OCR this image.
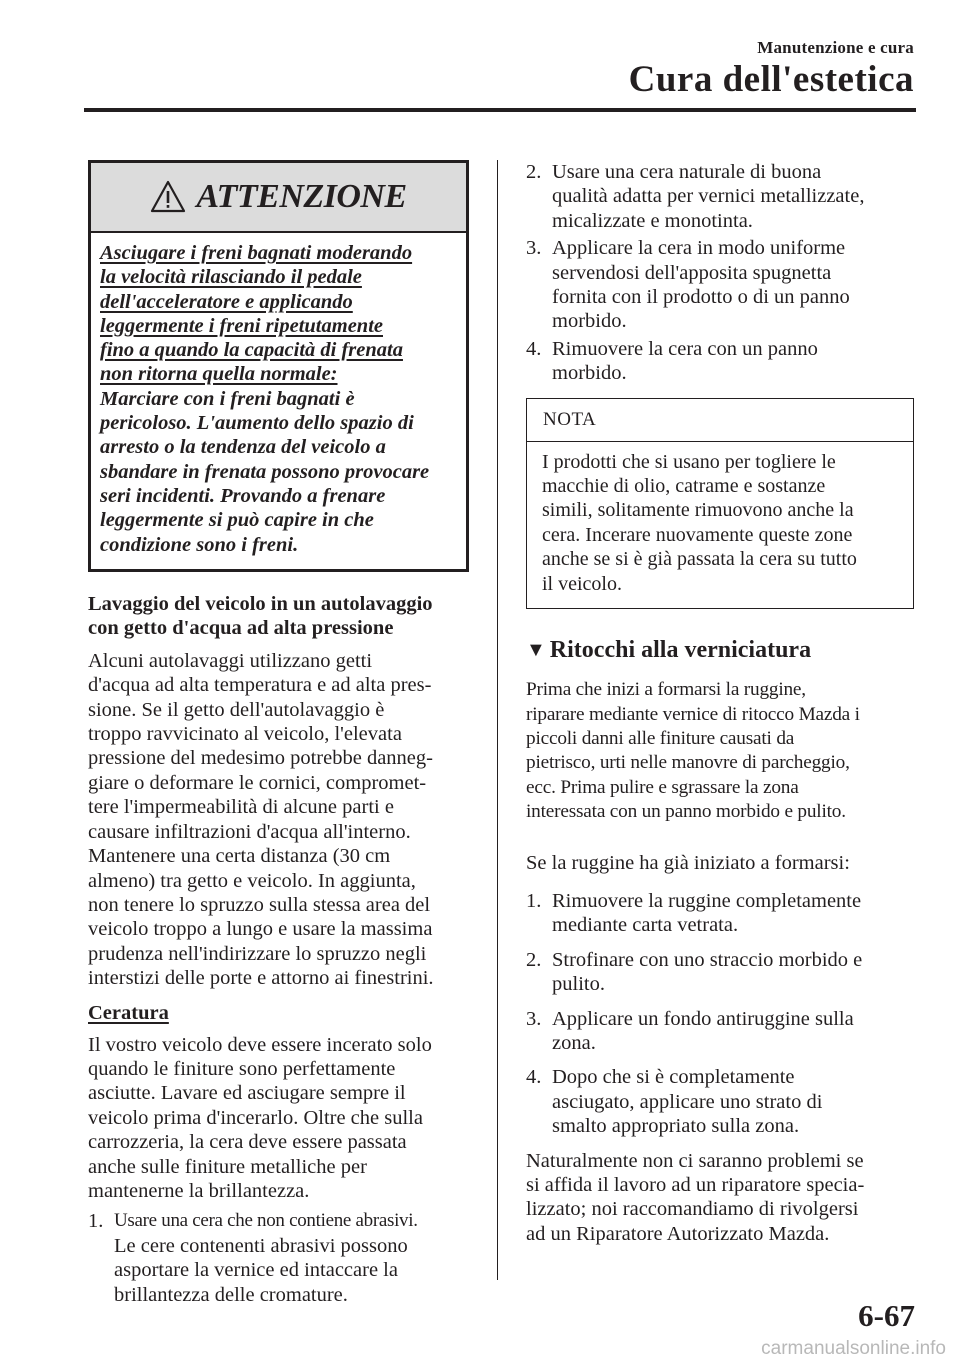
Manutenzione e cura
Cura dell'estetica
ATTENZIONE
Asciugare i freni bagnati moderando
la velocità rilasciando il pedale
dell'acceleratore e applicando
leggermente i freni ripetutamente
fino a quando la capacità di frenata
non ritorna quella normale:
Marciare con i freni bagnati è
pericoloso. L'aumento dello spazio di
arresto o la tendenza del veicolo a
sbandare in frenata possono provocare
seri incidenti. Provando a frenare
leggermente si può capire in che
condizione sono i freni.
Lavaggio del veicolo in un autolavaggio
con getto d'acqua ad alta pressione
Alcuni autolavaggi utilizzano getti
d'acqua ad alta temperatura e ad alta pres-
sione. Se il getto dell'autolavaggio è
troppo ravvicinato al veicolo, l'elevata
pressione del medesimo potrebbe danneg-
giare o deformare le cornici, compromet-
tere l'impermeabilità di alcune parti e
causare infiltrazioni d'acqua all'interno.
Mantenere una certa distanza (30 cm
almeno) tra getto e veicolo. In aggiunta,
non tenere lo spruzzo sulla stessa area del
veicolo troppo a lungo e usare la massima
prudenza nell'indirizzare lo spruzzo negli
interstizi delle porte e attorno ai finestrini.
Ceratura
Il vostro veicolo deve essere incerato solo
quando le finiture sono perfettamente
asciutte. Lavare ed asciugare sempre il
veicolo prima d'incerarlo. Oltre che sulla
carrozzeria, la cera deve essere passata
anche sulle finiture metalliche per
mantenerne la brillantezza.
1. Usare una cera che non contiene abrasivi.
Le cere contenenti abrasivi possono
asportare la vernice ed intaccare la
brillantezza delle cromature.
2. Usare una cera naturale di buona
qualità adatta per vernici metallizzate,
micalizzate e monotinta.
3. Applicare la cera in modo uniforme
servendosi dell'apposita spugnetta
fornita con il prodotto o di un panno
morbido.
4. Rimuovere la cera con un panno
morbido.
NOTA
I prodotti che si usano per togliere le
macchie di olio, catrame e sostanze
simili, solitamente rimuovono anche la
cera. Incerare nuovamente queste zone
anche se si è già passata la cera su tutto
il veicolo.
▼ Ritocchi alla verniciatura
Prima che inizi a formarsi la ruggine,
riparare mediante vernice di ritocco Mazda i
piccoli danni alle finiture causati da
pietrisco, urti nelle manovre di parcheggio,
ecc. Prima pulire e sgrassare la zona
interessata con un panno morbido e pulito.
Se la ruggine ha già iniziato a formarsi:
1. Rimuovere la ruggine completamente
mediante carta vetrata.
2. Strofinare con uno straccio morbido e
pulito.
3. Applicare un fondo antiruggine sulla
zona.
4. Dopo che si è completamente
asciugato, applicare uno strato di
smalto appropriato sulla zona.
Naturalmente non ci saranno problemi se
si affida il lavoro ad un riparatore specia-
lizzato; noi raccomandiamo di rivolgersi
ad un Riparatore Autorizzato Mazda.
6-67
carmanualsonline.info
